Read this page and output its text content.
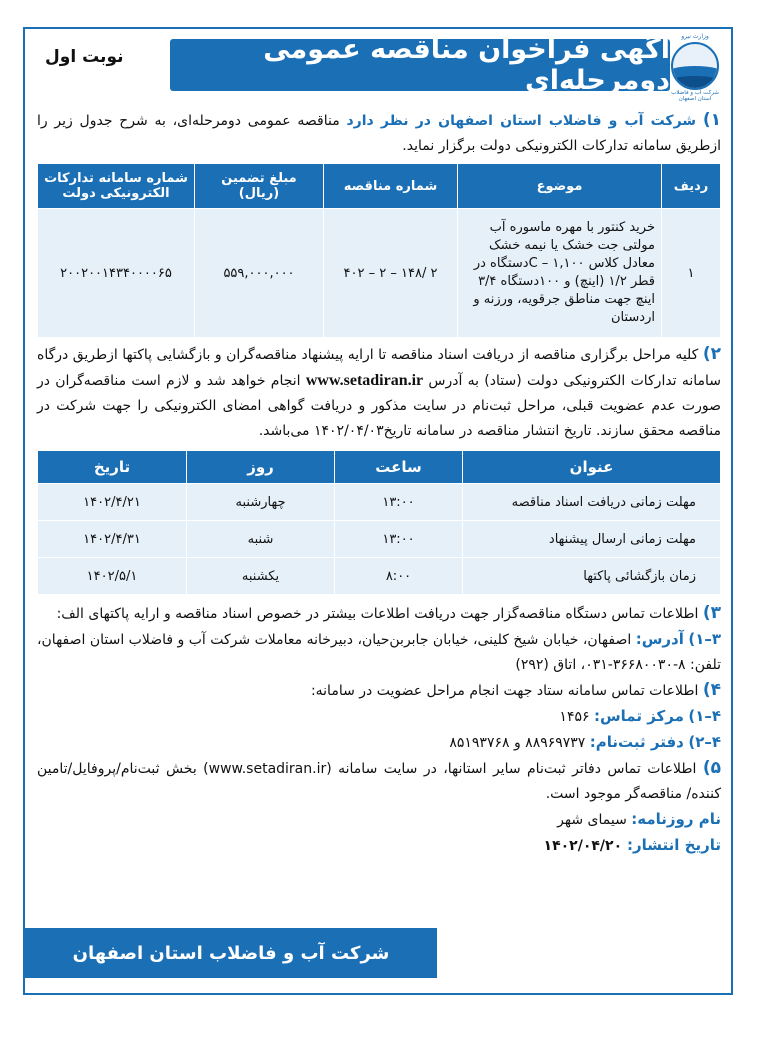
نوبت اول	آگهی فراخوان مناقصه عمومی دومرحله‌ای
وزارت نیرو
شرکت آب و فاضلاب استان اصفهان

۱) شرکت آب و فاضلاب استان اصفهان در نظر دارد مناقصه عمومی دومرحله‌ای، به شرح جدول زیر را ازطریق سامانه تدارکات الکترونیکی دولت برگزار نماید.

ردیف	موضوع	شماره مناقصه	مبلغ تضمین (ریال)	شماره سامانه تدارکات الکترونیکی دولت
۱	خرید کنتور با مهره ماسوره آب مولتی جت خشک یا نیمه خشک معادل کلاس C – ۱,۱۰۰دستگاه در قطر ۱/۲ (اینچ) و ۱۰۰دستگاه ۳/۴ اینچ جهت مناطق جرقویه، ورزنه و اردستان	۲ /۱۴۸ – ۲ – ۴۰۲	۵۵۹,۰۰۰,۰۰۰	۲۰۰۲۰۰۱۴۳۴۰۰۰۰۶۵

۲) کلیه مراحل برگزاری مناقصه از دریافت اسناد مناقصه تا ارایه پیشنهاد مناقصه‌گران و بازگشایی پاکتها ازطریق درگاه سامانه تدارکات الکترونیکی دولت (ستاد) به آدرس www.setadiran.ir انجام خواهد شد و لازم است مناقصه‌گران در صورت عدم عضویت قبلی، مراحل ثبت‌نام در سایت مذکور و دریافت گواهی امضای الکترونیکی را جهت شرکت در مناقصه محقق سازند. تاریخ انتشار مناقصه در سامانه تاریخ۱۴۰۲/۰۴/۰۳ می‌باشد.

عنوان	ساعت	روز	تاریخ
مهلت زمانی دریافت اسناد مناقصه	۱۳:۰۰	چهارشنبه	۱۴۰۲/۴/۲۱
مهلت زمانی ارسال پیشنهاد	۱۳:۰۰	شنبه	۱۴۰۲/۴/۳۱
زمان بازگشائی پاکتها	۸:۰۰	یکشنبه	۱۴۰۲/۵/۱

۳) اطلاعات تماس دستگاه مناقصه‌گزار جهت دریافت اطلاعات بیشتر در خصوص اسناد مناقصه و ارایه پاکتهای الف:

۳–۱) آدرس: اصفهان، خیابان شیخ کلینی، خیابان جابربن‌حیان، دبیرخانه معاملات شرکت آب و فاضلاب استان اصفهان، تلفن: ۸-۳۶۶۸۰۰۳۰-۰۳۱، اتاق (۲۹۲)

۴) اطلاعات تماس سامانه ستاد جهت انجام مراحل عضویت در سامانه:

۴–۱) مرکز تماس: ۱۴۵۶

۴–۲) دفتر ثبت‌نام: ۸۸۹۶۹۷۳۷ و ۸۵۱۹۳۷۶۸

۵) اطلاعات تماس دفاتر ثبت‌نام سایر استانها، در سایت سامانه (www.setadiran.ir) بخش ثبت‌نام/پروفایل/تامین کننده/ مناقصه‌گر موجود است.

نام روزنامه: سیمای شهر

تاریخ انتشار: ۱۴۰۲/۰۴/۲۰

شرکت آب و فاضلاب استان اصفهان
